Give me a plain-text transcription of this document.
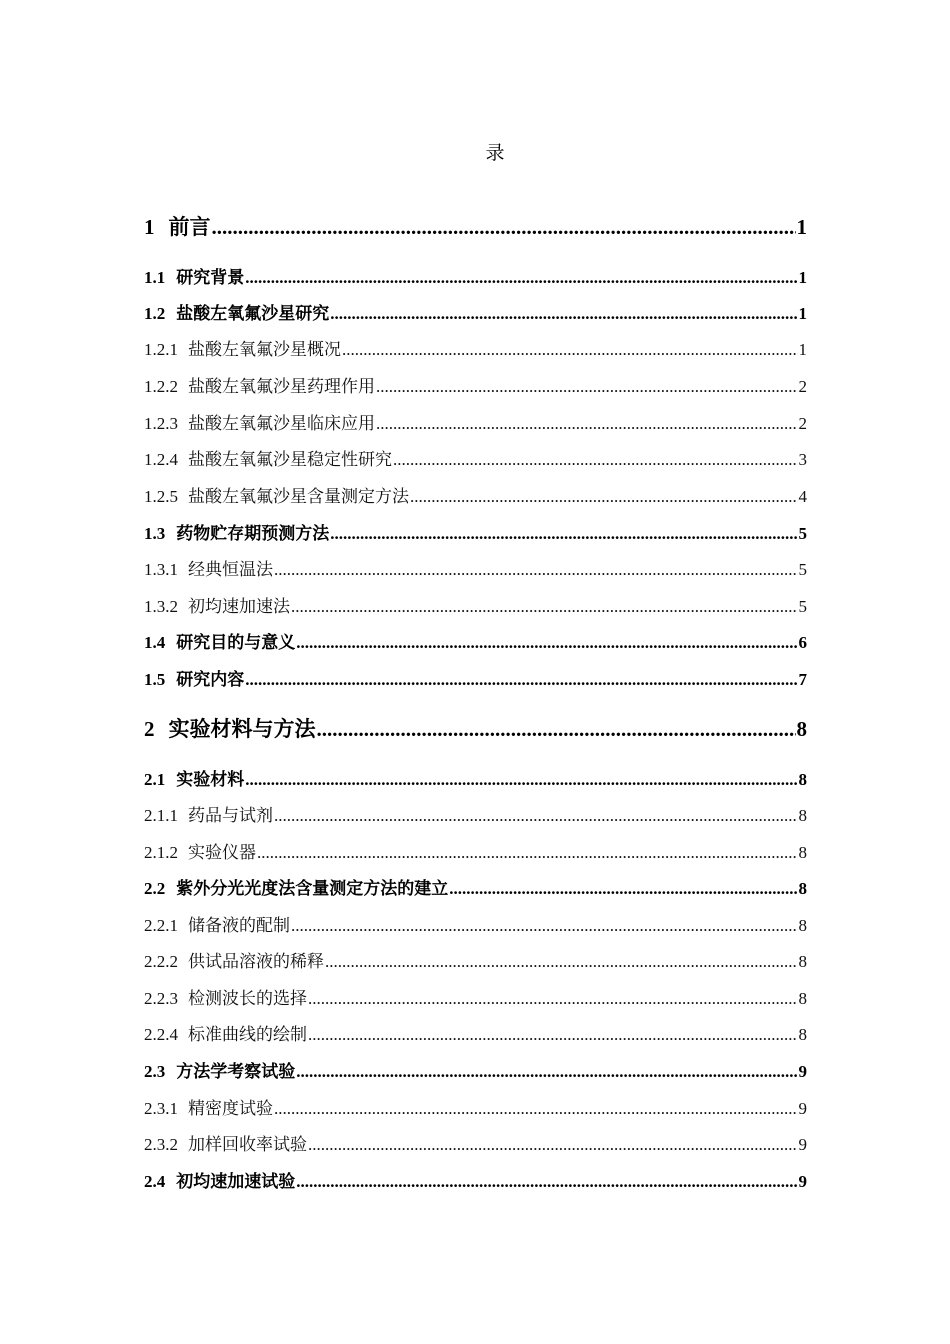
录
1 前言 .....	1
1.1 研究背景 .....	1
1.2 盐酸左氧氟沙星研究 .....	1
1.2.1 盐酸左氧氟沙星概况 .....	1
1.2.2 盐酸左氧氟沙星药理作用 .....	2
1.2.3 盐酸左氧氟沙星临床应用 .....	2
1.2.4 盐酸左氧氟沙星稳定性研究 .....	3
1.2.5 盐酸左氧氟沙星含量测定方法 .....	4
1.3 药物贮存期预测方法 .....	5
1.3.1 经典恒温法 .....	5
1.3.2 初均速加速法 .....	5
1.4 研究目的与意义 .....	6
1.5 研究内容 .....	7
2 实验材料与方法 .....	8
2.1 实验材料 .....	8
2.1.1 药品与试剂 .....	8
2.1.2 实验仪器 .....	8
2.2 紫外分光光度法含量测定方法的建立 .....	8
2.2.1 储备液的配制 .....	8
2.2.2 供试品溶液的稀释 .....	8
2.2.3 检测波长的选择 .....	8
2.2.4 标准曲线的绘制 .....	8
2.3 方法学考察试验 .....	9
2.3.1 精密度试验 .....	9
2.3.2 加样回收率试验 .....	9
2.4 初均速加速试验 .....	9
